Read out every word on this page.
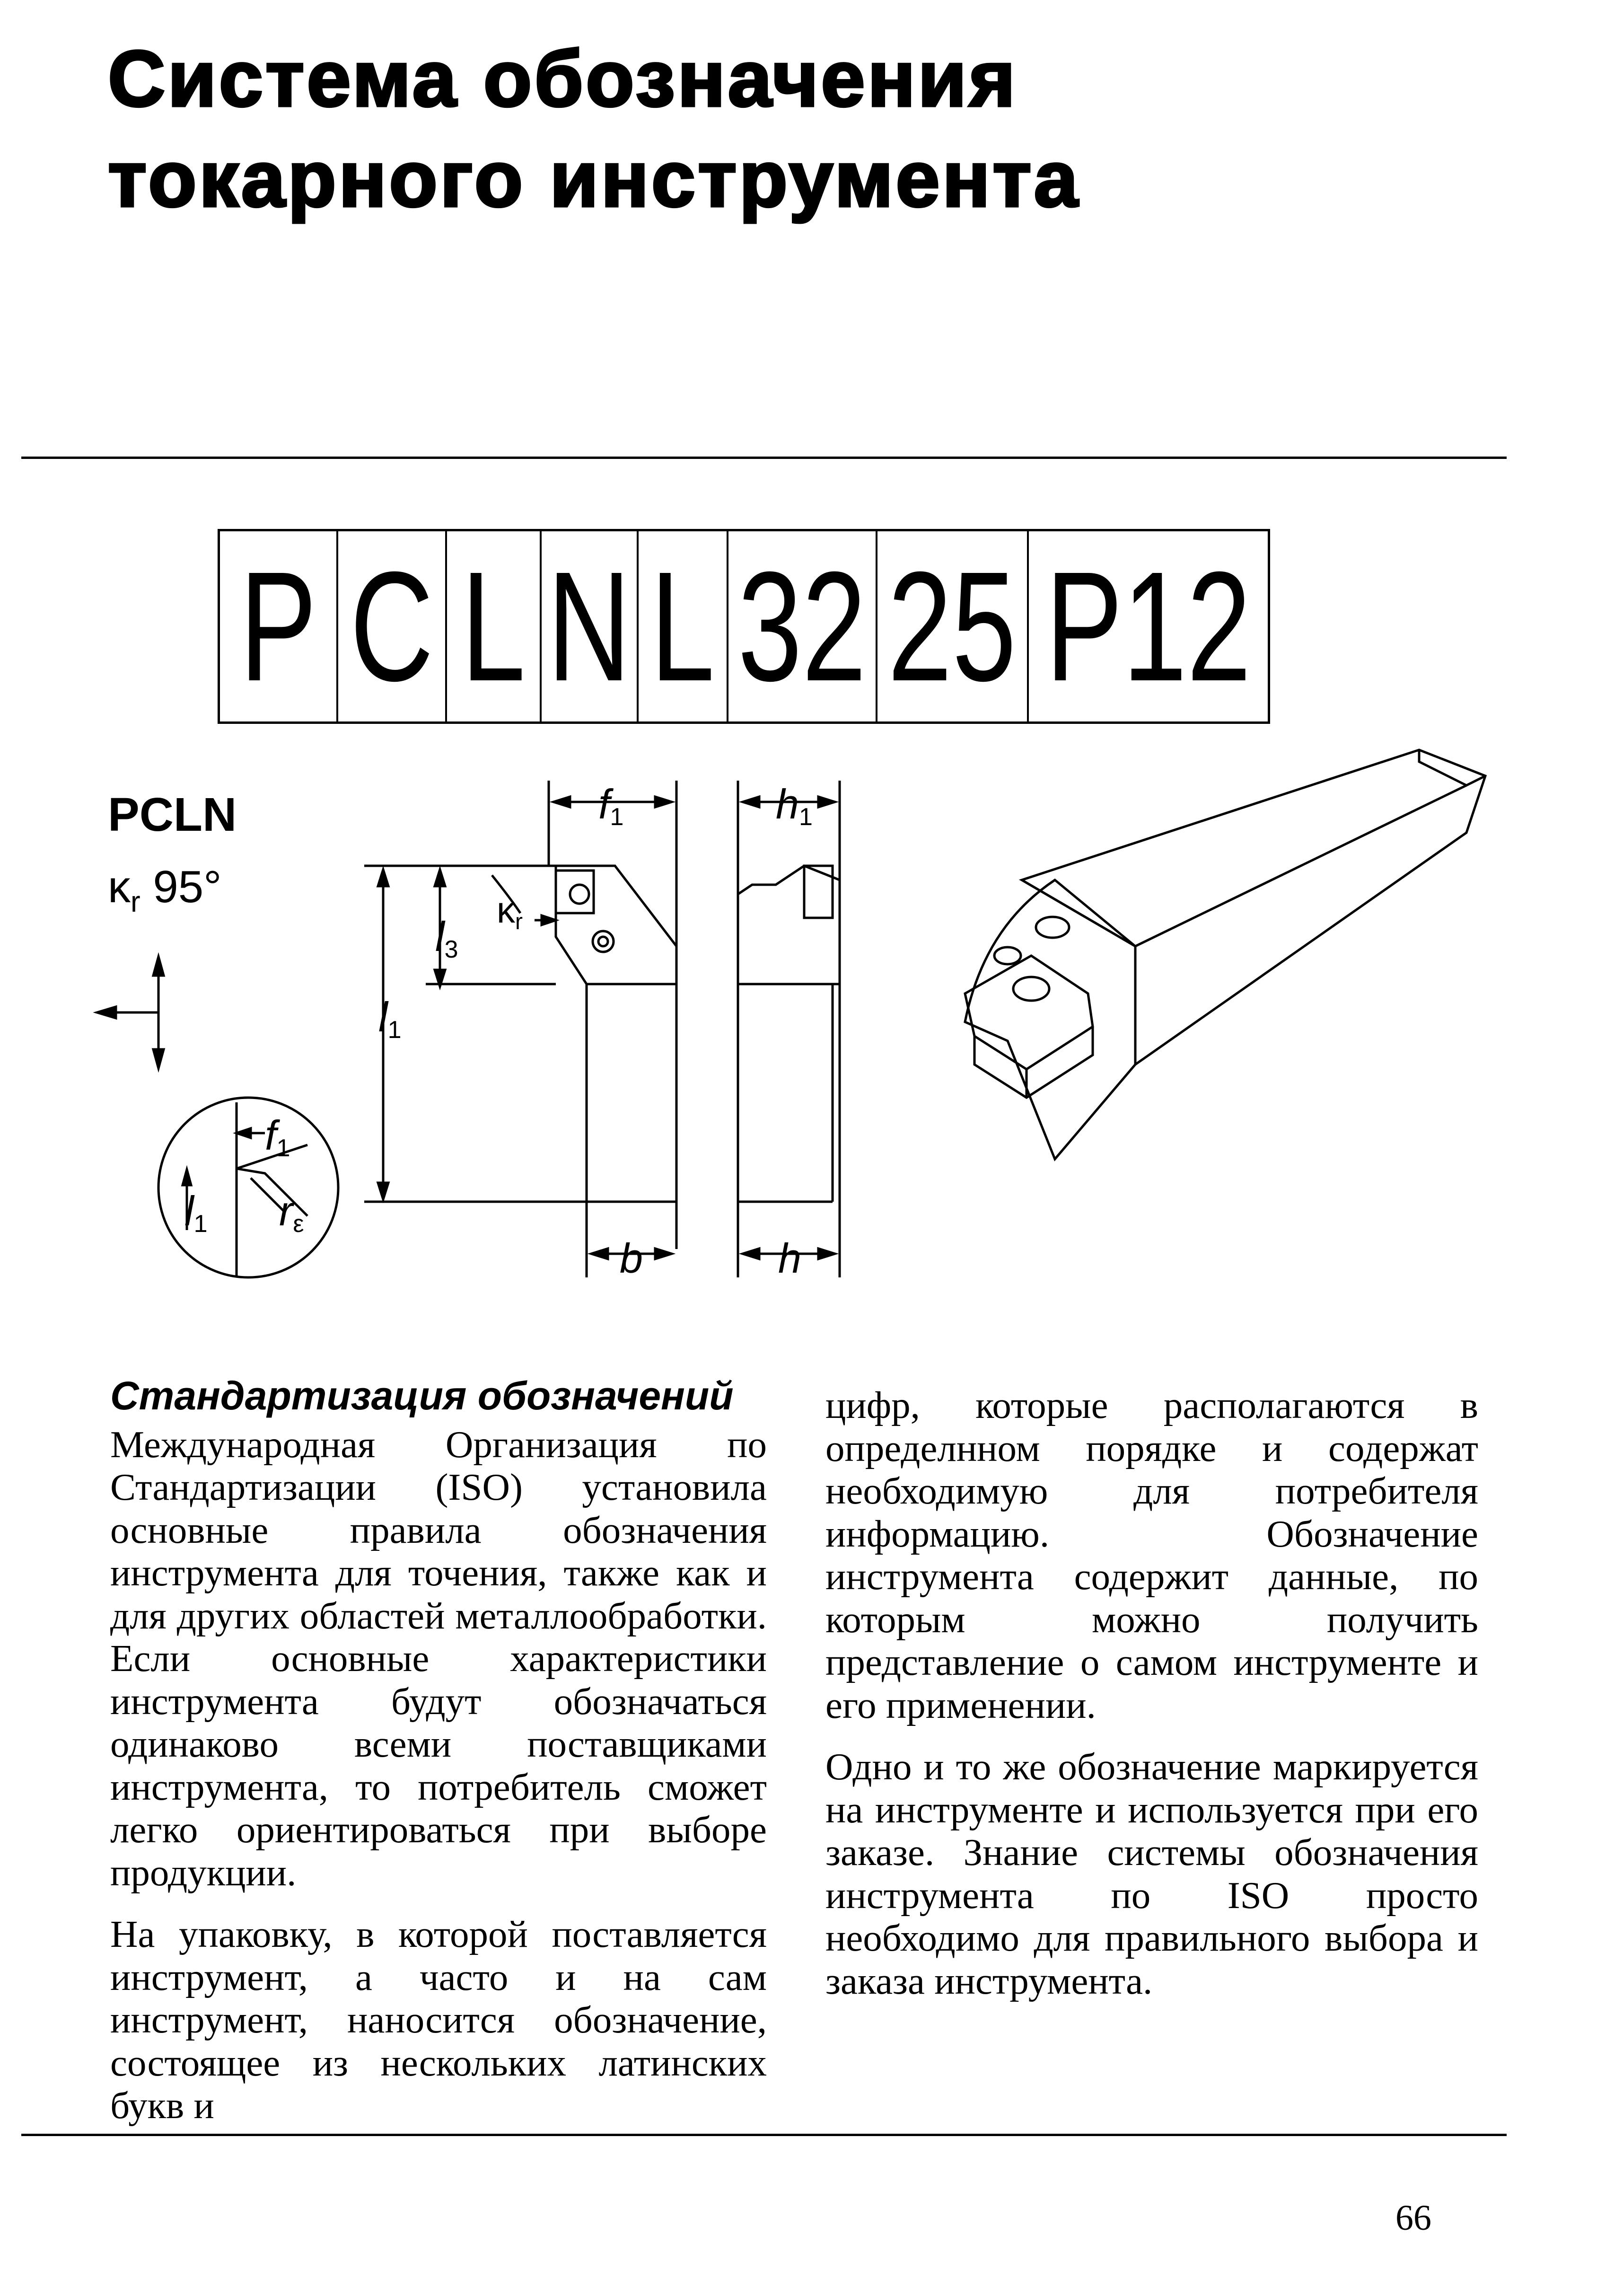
Система обозначения
токарного инструмента
P C L N L 32 25 P12
PCLN
$\kappa_r$ 95°
f1	h1
l3
l1
κr
b	h
f1
l1 rε
Стандартизация обозначений

Международная Организация по Стандартизации (ISO) установила основные правила обозначения инструмента для точения, также как и для других областей металлообработки. Если основные характеристики инструмента будут обозначаться одинаково всеми поставщиками инструмента, то потребитель сможет легко ориентироваться при выборе продукции.

На упаковку, в которой поставляется инструмент, а часто и на сам инструмент, наносится обозначение, состоящее из нескольких латинских букв и

цифр, которые располагаются в определнном порядке и содержат необходимую для потребителя информацию. Обозначение инструмента содержит данные, по которым можно получить представление о самом инструменте и его применении.

Одно и то же обозначение маркируется на инструменте и используется при его заказе. Знание системы обозначения инструмента по ISO просто необходимо для правильного выбора и заказа инструмента.

66
